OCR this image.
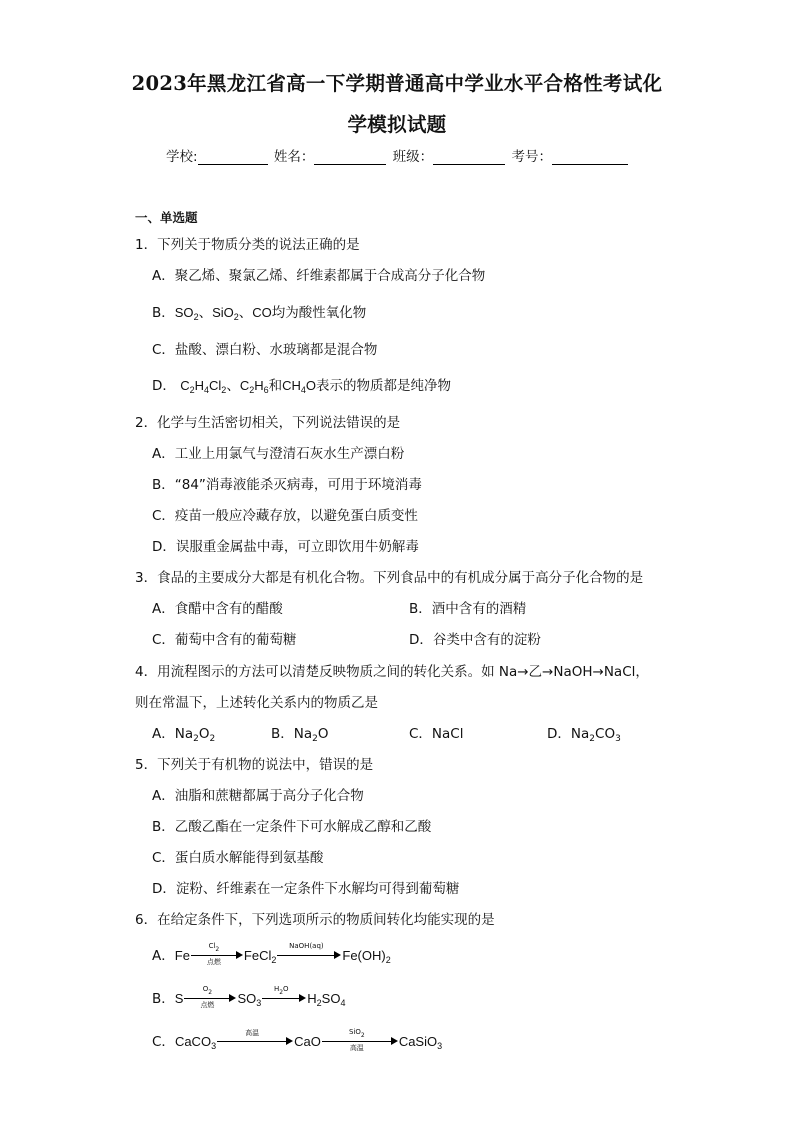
2023年黑龙江省高一下学期普通高中学业水平合格性考试化
学模拟试题
学校:	姓名：	班级：	考号：
一、单选题
1．下列关于物质分类的说法正确的是
A．聚乙烯、聚氯乙烯、纤维素都属于合成高分子化合物
B．$SO_2$、SiO$_2$、CO均为酸性氧化物
C．盐酸、漂白粉、水玻璃都是混合物
D． $C_2H_4Cl_2$、$C_2H_6$和$CH_4O$表示的物质都是纯净物
2．化学与生活密切相关，下列说法错误的是
A．工业上用氯气与澄清石灰水生产漂白粉
B．“84”消毒液能杀灭病毒，可用于环境消毒
C．疫苗一般应冷藏存放，以避免蛋白质变性
D．误服重金属盐中毒，可立即饮用牛奶解毒
3．食品的主要成分大都是有机化合物。下列食品中的有机成分属于高分子化合物的是
A．食醋中含有的醋酸	B．酒中含有的酒精
C．葡萄中含有的葡萄糖	D．谷类中含有的淀粉
4．用流程图示的方法可以清楚反映物质之间的转化关系。如 Na→乙→NaOH→NaCl，
则在常温下，上述转化关系内的物质乙是
A．$Na_2O_2$	B．$Na_2O$	C．NaCl	D．$Na_2CO_3$
5．下列关于有机物的说法中，错误的是
A．油脂和蔗糖都属于高分子化合物
B．乙酸乙酯在一定条件下可水解成乙醇和乙酸
C．蛋白质水解能得到氨基酸
D．淀粉、纤维素在一定条件下水解均可得到葡萄糖
6．在给定条件下，下列选项所示的物质间转化均能实现的是
A．Fe
$Cl_2$
点燃	FeCl$_2$
NaOH(aq)
$Fe(OH)_2$
B．S
$O_2$
点燃	$SO_3$
$H_2O$
$H_2SO_4$
C．CaCO$_3$
高温
CaO
SiO$_2$
高温	CaSiO$_3$
